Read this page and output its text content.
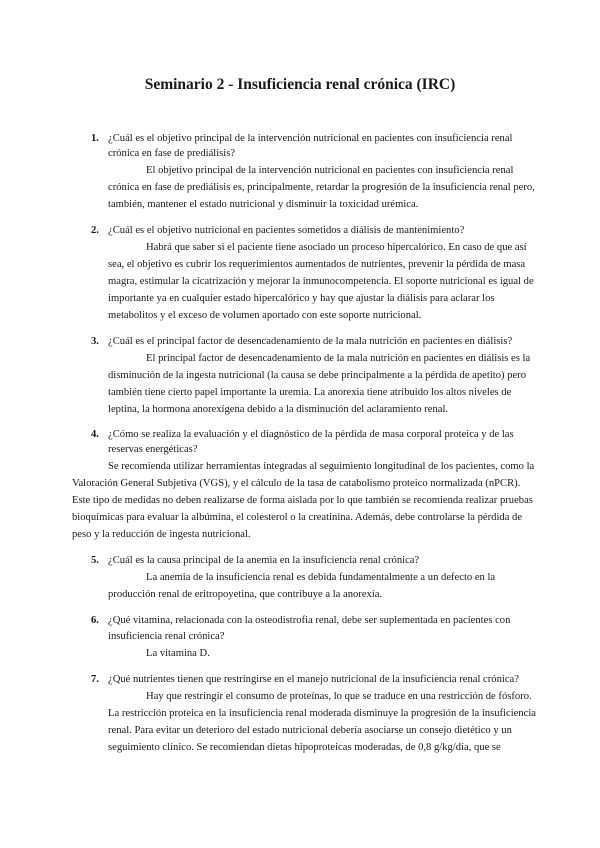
Seminario 2 - Insuficiencia renal crónica (IRC)
1. ¿Cuál es el objetivo principal de la intervención nutricional en pacientes con insuficiencia renal
crónica en fase de prediálisis?
El objetivo principal de la intervención nutricional en pacientes con insuficiencia renal
crónica en fase de prediálisis es, principalmente, retardar la progresión de la insuficiencia renal pero,
también, mantener el estado nutricional y disminuir la toxicidad urémica.
2. ¿Cuál es el objetivo nutricional en pacientes sometidos a diálisis de mantenimiento?
Habrá que saber si el paciente tiene asociado un proceso hipercalórico. En caso de que así
sea, el objetivo es cubrir los requerimientos aumentados de nutrientes, prevenir la pérdida de masa
magra, estimular la cicatrización y mejorar la inmunocompetencia. El soporte nutricional es igual de
importante ya en cualquier estado hipercalórico y hay que ajustar la diálisis para aclarar los
metabolitos y el exceso de volumen aportado con este soporte nutricional.
3. ¿Cuál es el principal factor de desencadenamiento de la mala nutrición en pacientes en diálisis?
El principal factor de desencadenamiento de la mala nutrición en pacientes en diálisis es la
disminución de la ingesta nutricional (la causa se debe principalmente a la pérdida de apetito) pero
también tiene cierto papel importante la uremia. La anorexia tiene atribuido los altos niveles de
leptina, la hormona anorexígena debido a la disminución del aclaramiento renal.
4. ¿Cómo se realiza la evaluación y el diagnóstico de la pérdida de masa corporal proteica y de las
reservas energéticas?
Se recomienda utilizar herramientas integradas al seguimiento longitudinal de los pacientes, como la
Valoración General Subjetiva (VGS), y el cálculo de la tasa de catabolismo proteico normalizada (nPCR).
Este tipo de medidas no deben realizarse de forma aislada por lo que también se recomienda realizar pruebas
bioquímicas para evaluar la albúmina, el colesterol o la creatinina. Además, debe controlarse la pérdida de
peso y la reducción de ingesta nutricional.
5. ¿Cuál es la causa principal de la anemia en la insuficiencia renal crónica?
La anemia de la insuficiencia renal es debida fundamentalmente a un defecto en la
producción renal de eritropoyetina, que contribuye a la anorexia.
6. ¿Qué vitamina, relacionada con la osteodistrofia renal, debe ser suplementada en pacientes con
insuficiencia renal crónica?
La vitamina D.
7. ¿Qué nutrientes tienen que restringirse en el manejo nutricional de la insuficiencia renal crónica?
Hay que restringir el consumo de proteínas, lo que se traduce en una restricción de fósforo.
La restricción proteica en la insuficiencia renal moderada disminuye la progresión de la insuficiencia
renal. Para evitar un deterioro del estado nutricional debería asociarse un consejo dietético y un
seguimiento clínico. Se recomiendan dietas hipoproteicas moderadas, de 0,8 g/kg/día, que se
